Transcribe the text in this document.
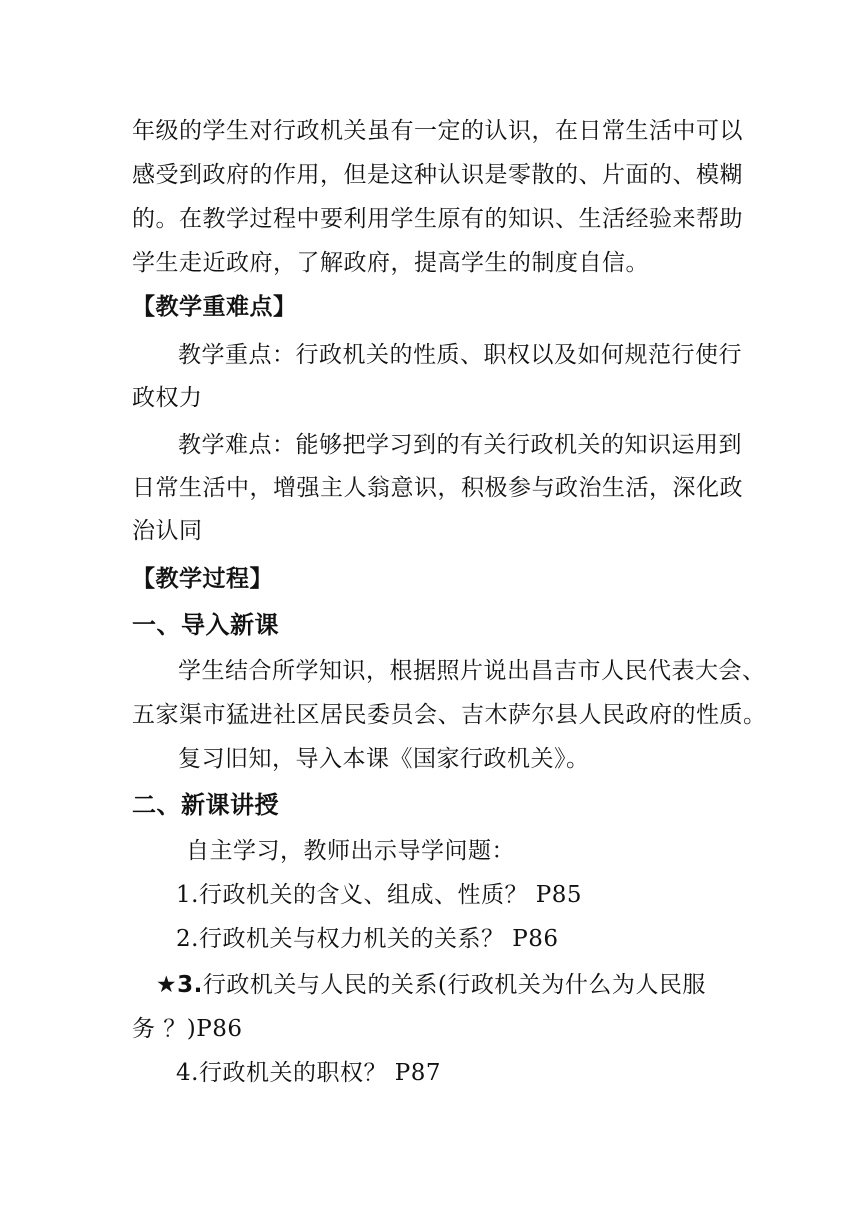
年级的学生对行政机关虽有一定的认识，在日常生活中可以
感受到政府的作用，但是这种认识是零散的、片面的、模糊
的。在教学过程中要利用学生原有的知识、生活经验来帮助
学生走近政府，了解政府，提高学生的制度自信。
【教学重难点】
教学重点：行政机关的性质、职权以及如何规范行使行
政权力
教学难点：能够把学习到的有关行政机关的知识运用到
日常生活中，增强主人翁意识，积极参与政治生活，深化政
治认同
【教学过程】
一、导入新课
学生结合所学知识，根据照片说出昌吉市人民代表大会、
五家渠市猛进社区居民委员会、吉木萨尔县人民政府的性质。
复习旧知，导入本课《国家行政机关》。
二、新课讲授
自主学习，教师出示导学问题：
1.行政机关的含义、组成、性质？ P85
2.行政机关与权力机关的关系？ P86
★3.行政机关与人民的关系(行政机关为什么为人民服
务 ？)P86
4.行政机关的职权？ P87
